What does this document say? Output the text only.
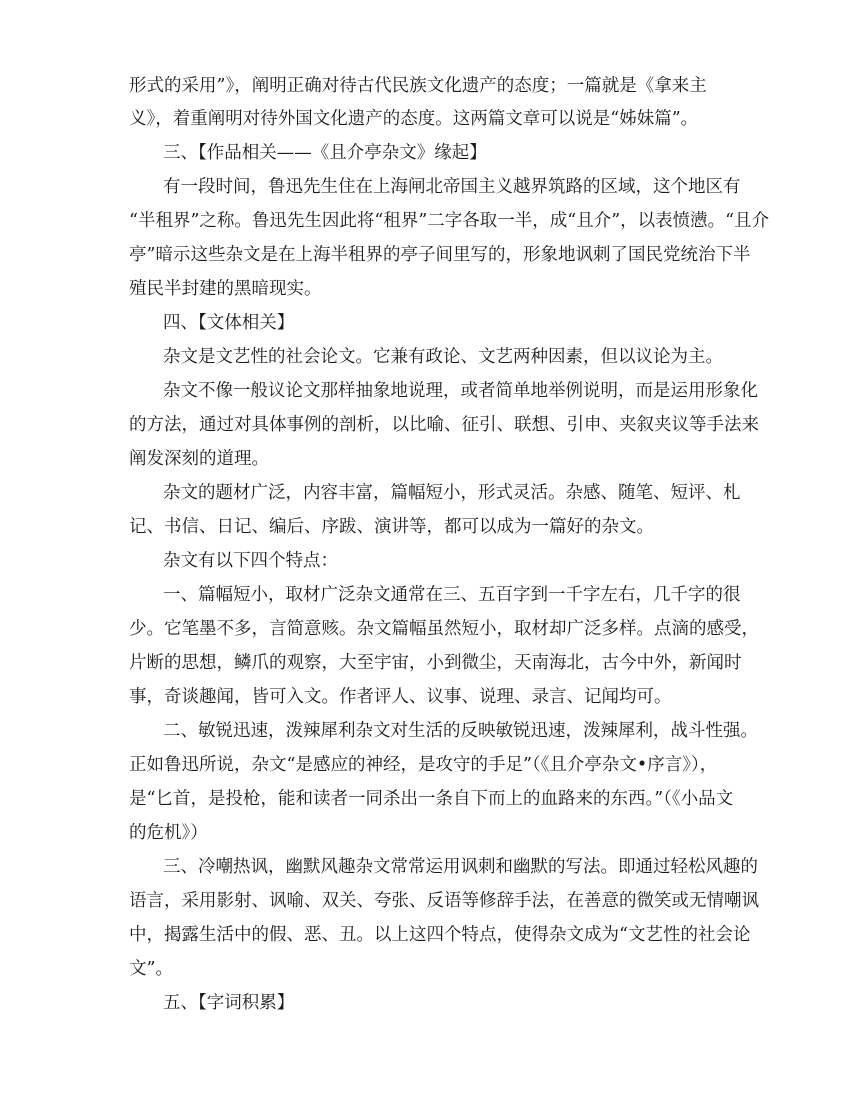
形式的采用”》，阐明正确对待古代民族文化遗产的态度；一篇就是《拿来主

义》，着重阐明对待外国文化遗产的态度。这两篇文章可以说是“姊妹篇”。

三、【作品相关——《且介亭杂文》缘起】

有一段时间，鲁迅先生住在上海闸北帝国主义越界筑路的区域，这个地区有

“半租界”之称。鲁迅先生因此将“租界”二字各取一半，成“且介”，以表愤懑。“且介

亭”暗示这些杂文是在上海半租界的亭子间里写的，形象地讽刺了国民党统治下半

殖民半封建的黑暗现实。

四、【文体相关】

杂文是文艺性的社会论文。它兼有政论、文艺两种因素，但以议论为主。

杂文不像一般议论文那样抽象地说理，或者简单地举例说明，而是运用形象化

的方法，通过对具体事例的剖析，以比喻、征引、联想、引申、夹叙夹议等手法来

阐发深刻的道理。

杂文的题材广泛，内容丰富，篇幅短小，形式灵活。杂感、随笔、短评、札

记、书信、日记、编后、序跋、演讲等，都可以成为一篇好的杂文。

杂文有以下四个特点：

一、篇幅短小，取材广泛杂文通常在三、五百字到一千字左右，几千字的很

少。它笔墨不多，言简意赅。杂文篇幅虽然短小，取材却广泛多样。点滴的感受，

片断的思想，鳞爪的观察，大至宇宙，小到微尘，天南海北，古今中外，新闻时

事，奇谈趣闻，皆可入文。作者评人、议事、说理、录言、记闻均可。

二、敏锐迅速，泼辣犀利杂文对生活的反映敏锐迅速，泼辣犀利，战斗性强。

正如鲁迅所说，杂文“是感应的神经，是攻守的手足”（《且介亭杂文•序言》），

是“匕首，是投枪，能和读者一同杀出一条自下而上的血路来的东西。”（《小品文

的危机》）

三、冷嘲热讽，幽默风趣杂文常常运用讽刺和幽默的写法。即通过轻松风趣的

语言，采用影射、讽喻、双关、夸张、反语等修辞手法，在善意的微笑或无情嘲讽

中，揭露生活中的假、恶、丑。以上这四个特点，使得杂文成为“文艺性的社会论

文”。

五、【字词积累】
